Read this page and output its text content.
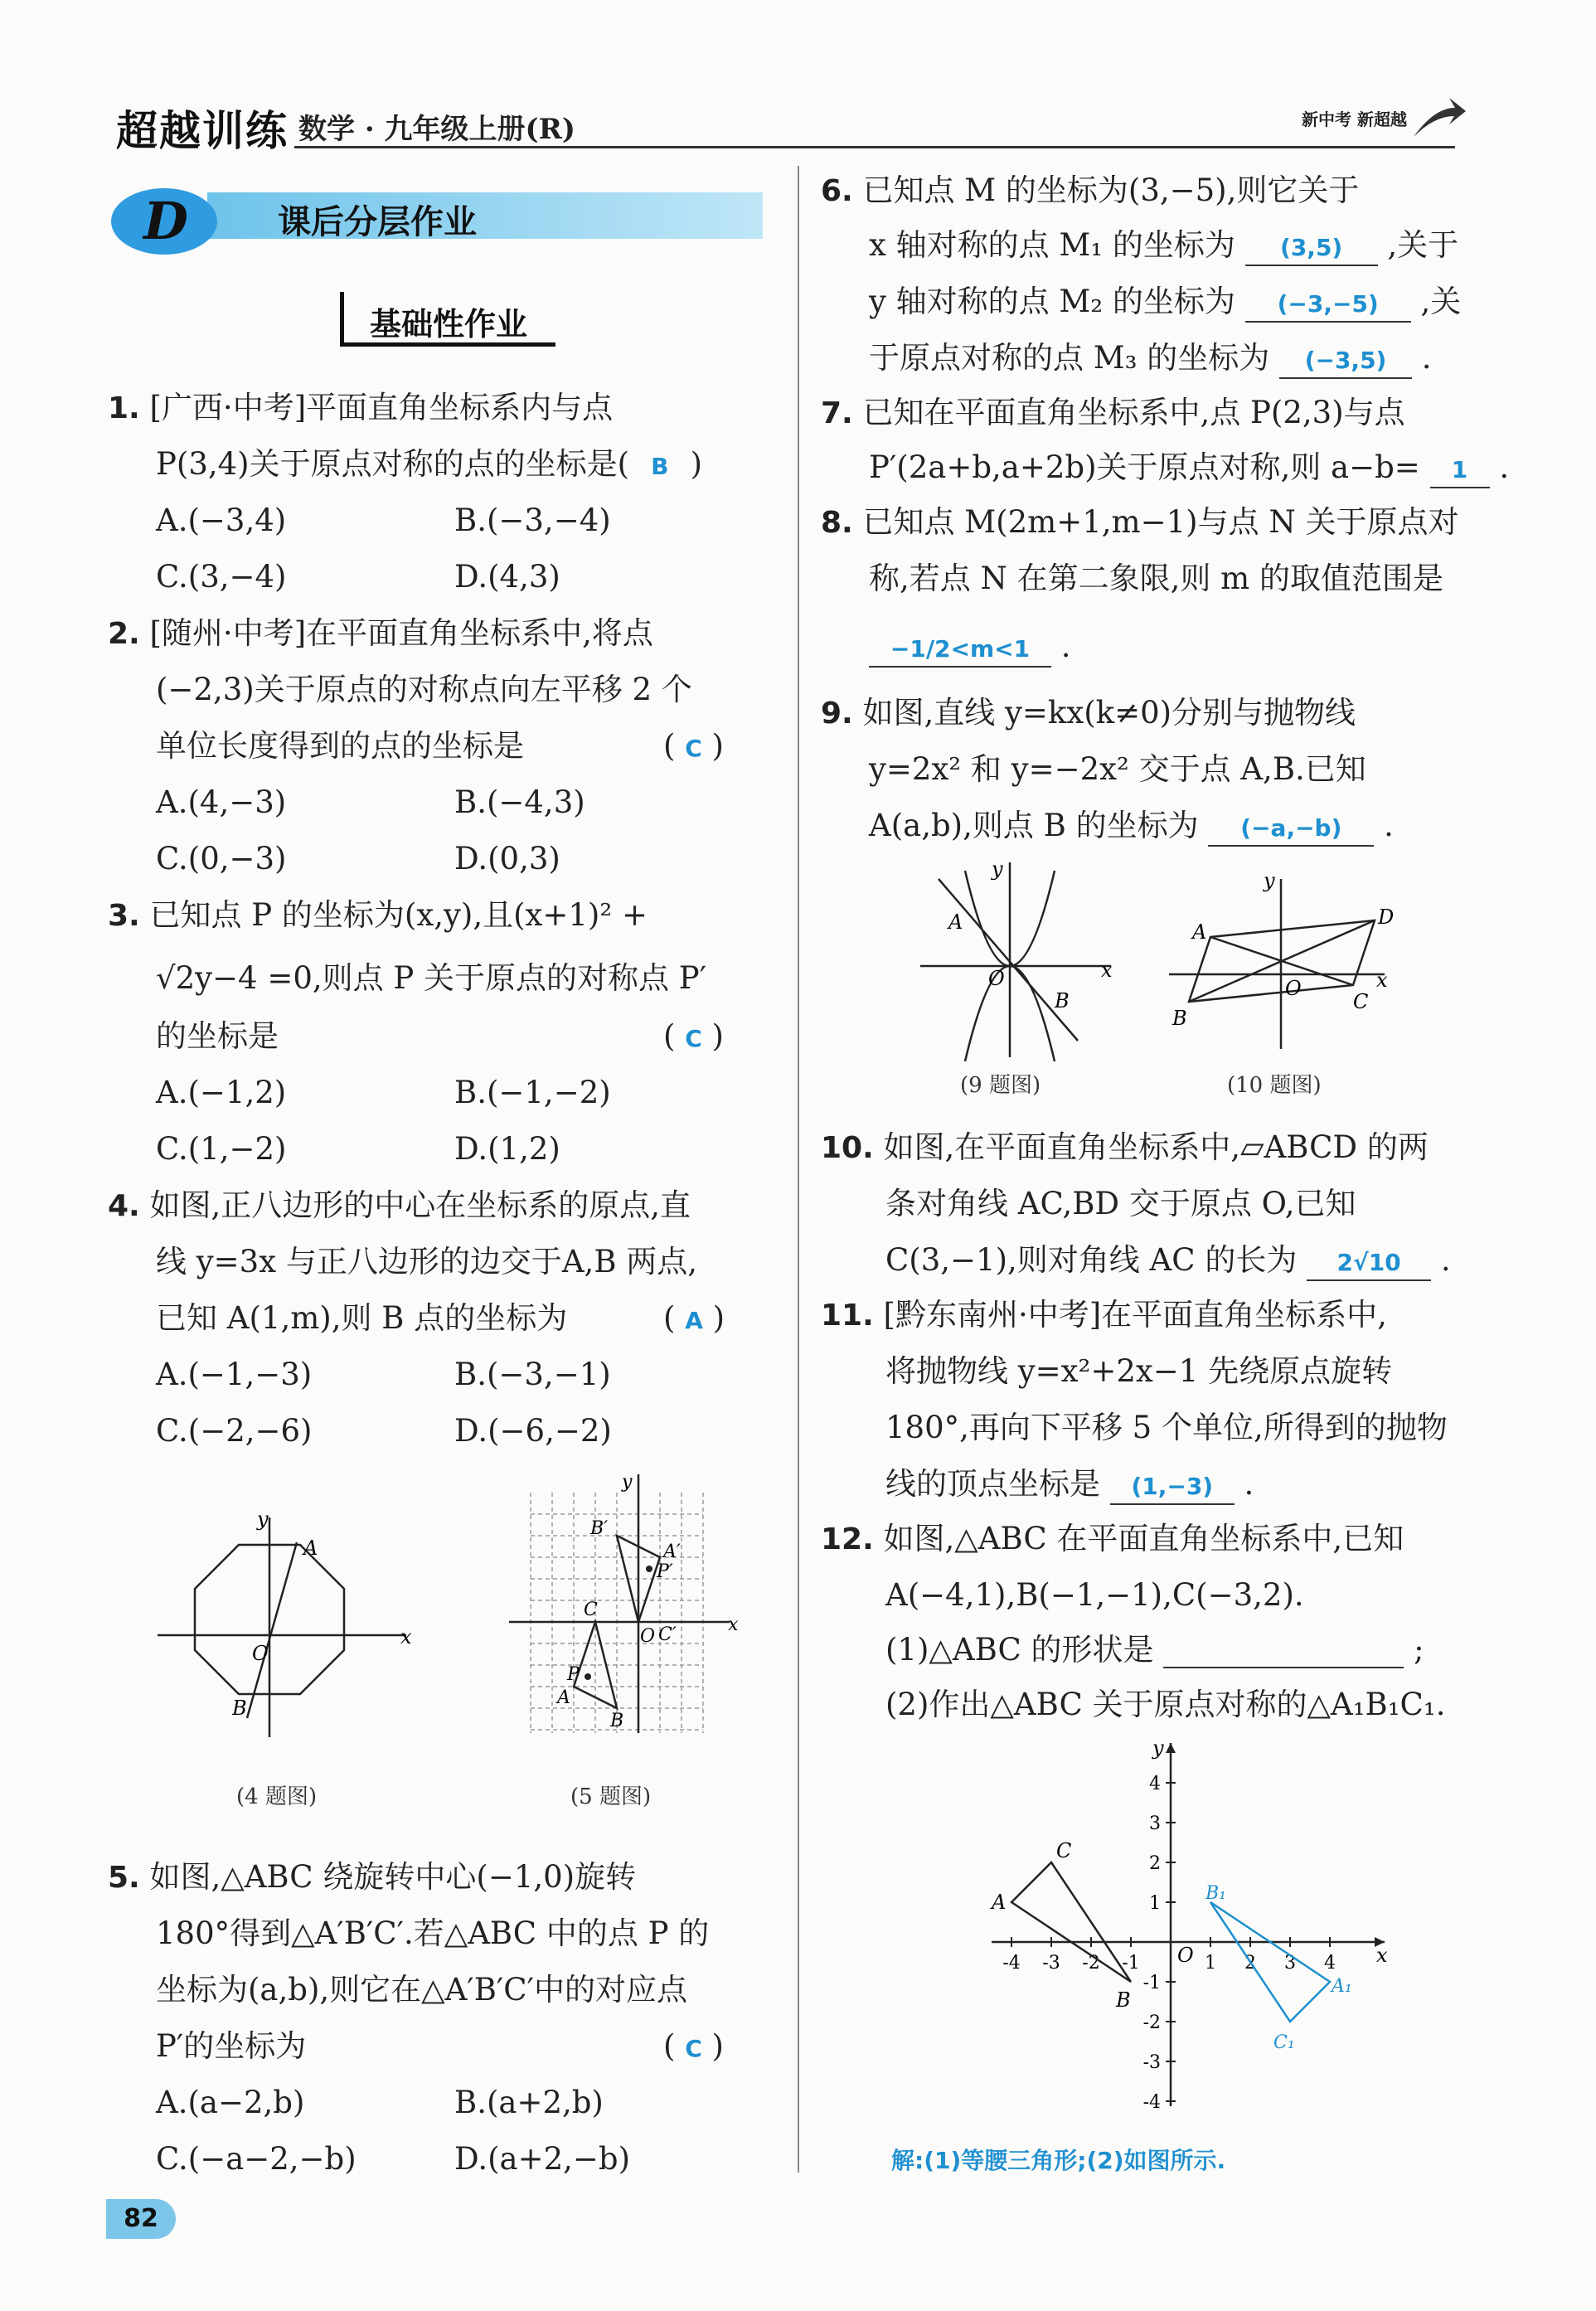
超越训练 数学 · 九年级上册(R)	新中考 新超越
D	课后分层作业
基础性作业
1. [广西·中考]平面直角坐标系内与点
P(3,4)关于原点对称的点的坐标是( B )
A.(−3,4)	B.(−3,−4)
C.(3,−4)	D.(4,3)
2. [随州·中考]在平面直角坐标系中,将点
(−2,3)关于原点的对称点向左平移 2 个
单位长度得到的点的坐标是	( C )
A.(4,−3)	B.(−4,3)
C.(0,−3)	D.(0,3)
3. 已知点 P 的坐标为(x,y),且(x+1)² +
√2y−4 =0,则点 P 关于原点的对称点 P′
的坐标是	( C )
A.(−1,2)	B.(−1,−2)
C.(1,−2)	D.(1,2)
4. 如图,正八边形的中心在坐标系的原点,直
线 y=3x 与正八边形的边交于A,B 两点,
已知 A(1,m),则 B 点的坐标为	( A )
A.(−1,−3)	B.(−3,−1)
C.(−2,−6)	D.(−6,−2)
x
y
O
A
B
(4 题图)
x
y
O
C
A
P
B
C′
A′
P′
B′
(5 题图)
5. 如图,△ABC 绕旋转中心(−1,0)旋转
180°得到△A′B′C′.若△ABC 中的点 P 的
坐标为(a,b),则它在△A′B′C′中的对应点
P′的坐标为	( C )
A.(a−2,b)	B.(a+2,b)
C.(−a−2,−b)	D.(a+2,−b)
6. 已知点 M 的坐标为(3,−5),则它关于
x 轴对称的点 M₁ 的坐标为 (3,5) ,关于
y 轴对称的点 M₂ 的坐标为 (−3,−5) ,关
于原点对称的点 M₃ 的坐标为 (−3,5) .
7. 已知在平面直角坐标系中,点 P(2,3)与点
P′(2a+b,a+2b)关于原点对称,则 a−b= 1 .
8. 已知点 M(2m+1,m−1)与点 N 关于原点对
称,若点 N 在第二象限,则 m 的取值范围是
−1/2<m<1 .
9. 如图,直线 y=kx(k≠0)分别与抛物线
y=2x² 和 y=−2x² 交于点 A,B.已知
A(a,b),则点 B 的坐标为 (−a,−b) .
x
y
O
A
B
(9 题图)
x
y
O
A
D
C
B
(10 题图)
10. 如图,在平面直角坐标系中,▱ABCD 的两
条对角线 AC,BD 交于原点 O,已知
C(3,−1),则对角线 AC 的长为 2√10 .
11. [黔东南州·中考]在平面直角坐标系中,
将抛物线 y=x²+2x−1 先绕原点旋转
180°,再向下平移 5 个单位,所得到的抛物
线的顶点坐标是 (1,−3) .
12. 如图,△ABC 在平面直角坐标系中,已知
A(−4,1),B(−1,−1),C(−3,2).
(1)△ABC 的形状是	;
(2)作出△ABC 关于原点对称的△A₁B₁C₁.
-4 -3 -2 -1	1 2 3 4
4
3
2
1
-1
-2
-3
-4
x
y
O
A
C
B
B₁
A₁
C₁
解:(1)等腰三角形;(2)如图所示.
82
